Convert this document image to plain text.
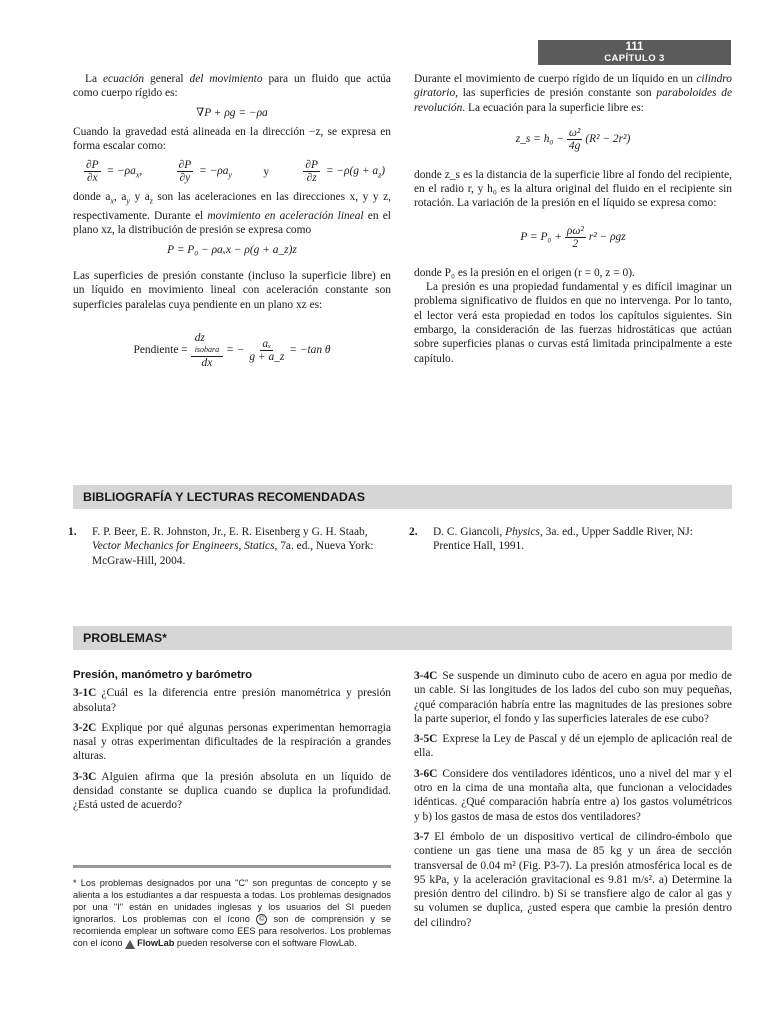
111
CAPÍTULO 3

La ecuación general del movimiento para un fluido que actúa como cuerpo rígido es:

∇P + ρg = −ρa

Cuando la gravedad está alineada en la dirección −z, se expresa en forma escalar como:

$\frac{\partial P}{\partial x} = -\rho a_x$,	$\frac{\partial P}{\partial y} = -\rho a_y$	y	$\frac{\partial P}{\partial z} = -\rho(g + a_z)$

donde $a_x$, $a_y$ y $a_z$ son las aceleraciones en las direcciones x, y y z, respectivamente. Durante el movimiento en aceleración lineal en el plano xz, la distribución de presión se expresa como

P = P₀ − ρaₓx − ρ(g + a_z)z

Las superficies de presión constante (incluso la superficie libre) en un líquido en movimiento lineal con aceleración constante son superficies paralelas cuya pendiente en un plano xz es:

Pendiente = dz
isobara
dx = − $\frac{\text{aₓ}}{g + a\_z} = -\tan$ θ

Durante el movimiento de cuerpo rígido de un líquido en un cilindro giratorio, las superficies de presión constante son paraboloides de revolución. La ecuación para la superficie libre es:

z_s = $h_0 - \frac{\text{ω²}}{4g} (R^2 - 2r^2)$

donde z_s es la distancia de la superficie libre al fondo del recipiente, en el radio r, y h₀ es la altura original del fluido en el recipiente sin rotación. La variación de la presión en el líquido se expresa como:

$P = P_0 + \frac{\text{ρω²}}{2} r^2 - \rho gz$

donde P₀ es la presión en el origen (r = 0, z = 0).

La presión es una propiedad fundamental y es difícil imaginar un problema significativo de fluidos en que no intervenga. Por lo tanto, el lector verá esta propiedad en todos los capítulos siguientes. Sin embargo, la consideración de las fuerzas hidrostáticas que actúan sobre superficies planas o curvas está limitada principalmente a este capítulo.

BIBLIOGRAFÍA Y LECTURAS RECOMENDADAS

1. F. P. Beer, E. R. Johnston, Jr., E. R. Eisenberg y G. H. Staab, Vector Mechanics for Engineers, Statics, 7a. ed., Nueva York: McGraw-Hill, 2004.

2. D. C. Giancoli, Physics, 3a. ed., Upper Saddle River, NJ: Prentice Hall, 1991.

PROBLEMAS*
Presión, manómetro y barómetro

3-1C ¿Cuál es la diferencia entre presión manométrica y presión absoluta?

3-2C Explique por qué algunas personas experimentan hemorragia nasal y otras experimentan dificultades de la respiración a grandes alturas.

3-3C Alguien afirma que la presión absoluta en un líquido de densidad constante se duplica cuando se duplica la profundidad. ¿Está usted de acuerdo?

3-4C Se suspende un diminuto cubo de acero en agua por medio de un cable. Si las longitudes de los lados del cubo son muy pequeñas, ¿qué comparación habría entre las magnitudes de las presiones sobre la parte superior, el fondo y las superficies laterales de ese cubo?

3-5C Exprese la Ley de Pascal y dé un ejemplo de aplicación real de ella.

3-6C Considere dos ventiladores idénticos, uno a nivel del mar y el otro en la cima de una montaña alta, que funcionan a velocidades idénticas. ¿Qué comparación habría entre a) los gastos volumétricos y b) los gastos de masa de estos dos ventiladores?

3-7 El émbolo de un dispositivo vertical de cilindro-émbolo que contiene un gas tiene una masa de 85 kg y un área de sección transversal de 0.04 m² (Fig. P3-7). La presión atmosférica local es de 95 kPa, y la aceleración gravitacional es 9.81 m/s². a) Determine la presión dentro del cilindro. b) Si se transfiere algo de calor al gas y su volumen se duplica, ¿usted espera que cambie la presión dentro del cilindro?

* Los problemas designados por una "C" son preguntas de concepto y se alienta a los estudiantes a dar respuesta a todas. Los problemas designados por una "I" están en unidades inglesas y los usuarios del SI pueden ignorarlos. Los problemas con el ícono © son de comprensión y se recomienda emplear un software como EES para resolverlos. Los problemas con el ícono FlowLab pueden resolverse con el software FlowLab.
